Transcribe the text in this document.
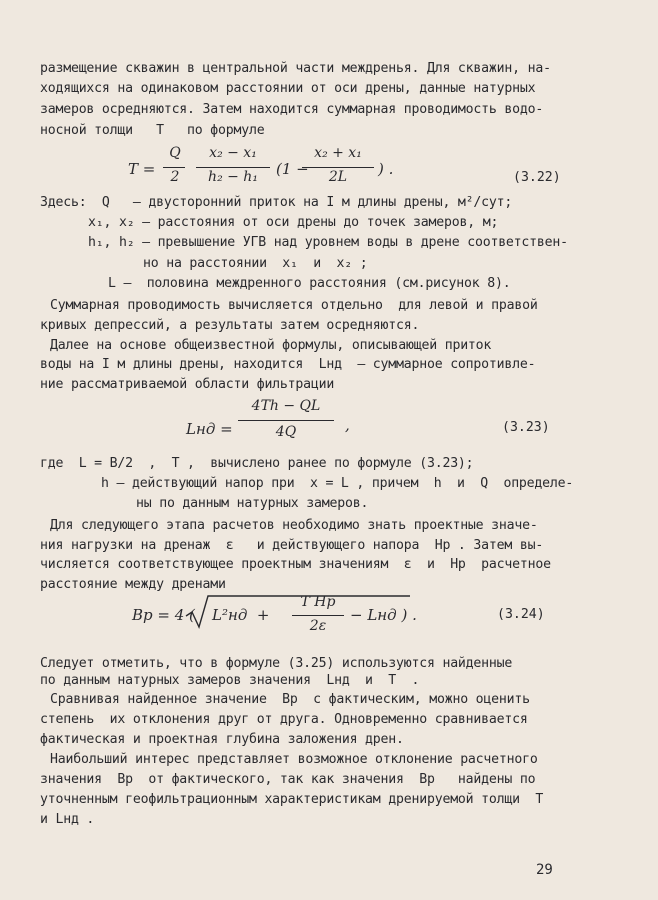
размещение скважин в центральной части междренья. Для скважин, на-
ходящихся на одинаковом расстоянии от оси дрены, данные натурных
замеров осредняются. Затем находится суммарная проводимость водо-
носной толщи   T   по формуле
T =
Q
2
x₂ − x₁
h₂ − h₁	(1 −
x₂ + x₁
2L	) .	(3.22)
Здесь:  Q   – двусторонний приток на I м длины дрены, м²/сут;
x₁, x₂ – расстояния от оси дрены до точек замеров, м;
h₁, h₂ – превышение УГВ над уровнем воды в дрене соответствен-
но на расстоянии  x₁  и  x₂ ;
L –  половина междренного расстояния (см.рисунок 8).
Суммарная проводимость вычисляется отдельно  для левой и правой
кривых депрессий, а результаты затем осредняются.
Далее на основе общеизвестной формулы, описывающей приток
воды на I м длины дрены, находится  Lнд  – суммарное сопротивле-
ние рассматриваемой области фильтрации
Lнд =
4Th − QL
4Q	,	(3.23)
где  L = B/2  ,  T ,  вычислено ранее по формуле (3.23);
h – действующий напор при  x = L , причем  h  и  Q  определе-
ны по данным натурных замеров.
Для следующего этапа расчетов необходимо знать проектные значе-
ния нагрузки на дренаж  ε   и действующего напора  Hp . Затем вы-
числяется соответствующее проектным значениям  ε  и  Hp  расчетное
расстояние между дренами
Bp = 4 ( L²нд  +
T Hp
2ε
− Lнд ) .	(3.24)
Следует отметить, что в формуле (3.25) используются найденные
по данным натурных замеров значения  Lнд  и  T  .
Сравнивая найденное значение  Bp  с фактическим, можно оценить
степень  их отклонения друг от друга. Одновременно сравнивается
фактическая и проектная глубина заложения дрен.
Наибольший интерес представляет возможное отклонение расчетного
значения  Bp  от фактического, так как значения  Bp   найдены по
уточненным геофильтрационным характеристикам дренируемой толщи  T
и Lнд .
29
